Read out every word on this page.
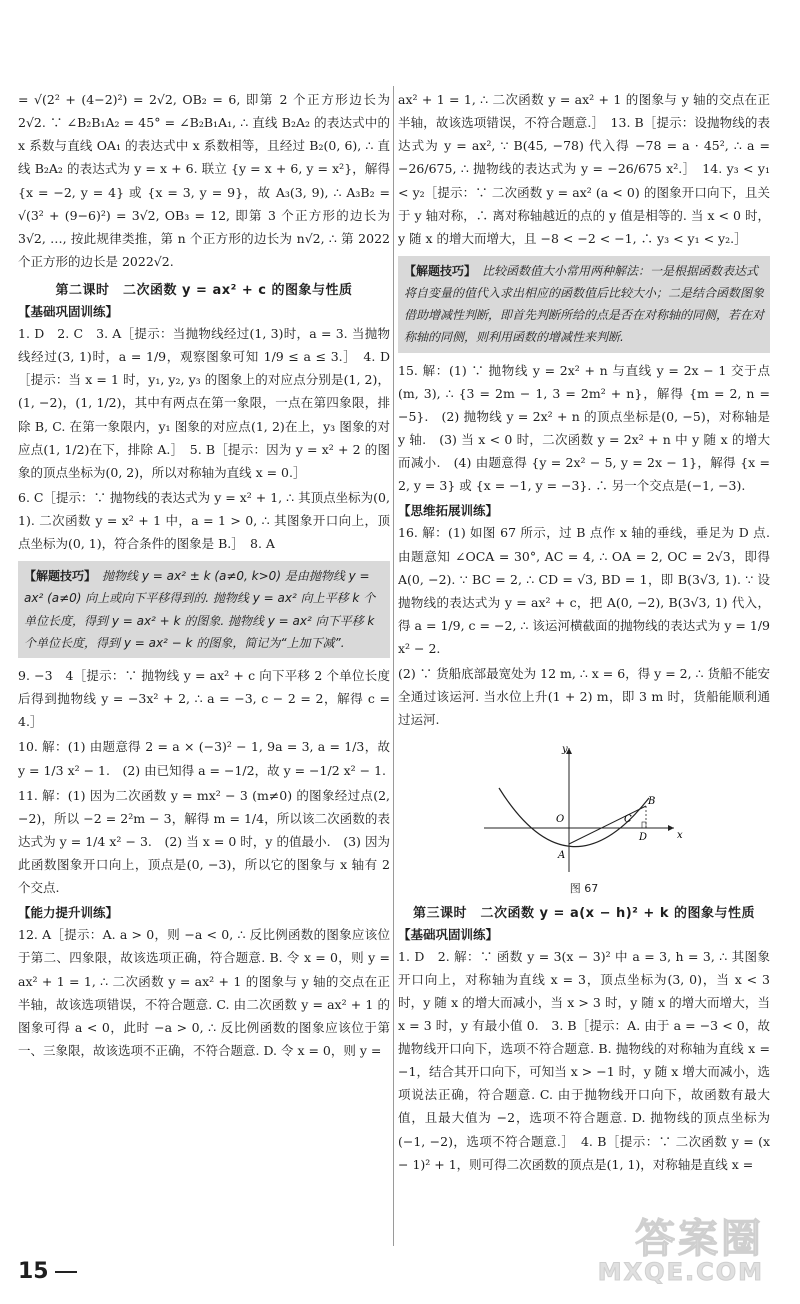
= √(2² + (4−2)²) = 2√2, OB₂ = 6, 即第 2 个正方形边长为 2√2. ∵ ∠B₂B₁A₂ = 45° = ∠B₂B₁A₁, ∴ 直线 B₂A₂ 的表达式中的 x 系数与直线 OA₁ 的表达式中 x 系数相等，且经过 B₂(0, 6), ∴ 直线 B₂A₂ 的表达式为 y = x + 6. 联立 {y = x + 6, y = x²}，解得 {x = −2, y = 4} 或 {x = 3, y = 9}，故 A₃(3, 9), ∴ A₃B₂ = √(3² + (9−6)²) = 3√2, OB₃ = 12, 即第 3 个正方形的边长为 3√2, …, 按此规律类推，第 n 个正方形的边长为 n√2, ∴ 第 2022 个正方形的边长是 2022√2.

第二课时　二次函数 y = ax² + c 的图象与性质
【基础巩固训练】

1. D　2. C　3. A［提示：当抛物线经过(1, 3)时，a = 3. 当抛物线经过(3, 1)时，a = 1/9，观察图象可知 1/9 ≤ a ≤ 3.］　4. D［提示：当 x = 1 时，y₁, y₂, y₃ 的图象上的对应点分别是(1, 2)，(1, −2)，(1, 1/2)，其中有两点在第一象限，一点在第四象限，排除 B, C. 在第一象限内，y₁ 图象的对应点(1, 2)在上，y₃ 图象的对应点(1, 1/2)在下，排除 A.］　5. B［提示：因为 y = x² + 2 的图象的顶点坐标为(0, 2)，所以对称轴为直线 x = 0.］

6. C［提示：∵ 抛物线的表达式为 y = x² + 1, ∴ 其顶点坐标为(0, 1). 二次函数 y = x² + 1 中，a = 1 > 0, ∴ 其图象开口向上，顶点坐标为(0, 1)，符合条件的图象是 B.］　8. A

【解题技巧】 抛物线 y = ax² ± k (a≠0, k>0) 是由抛物线 y = ax² (a≠0) 向上或向下平移得到的. 抛物线 y = ax² 向上平移 k 个单位长度，得到 y = ax² + k 的图象. 抛物线 y = ax² 向下平移 k 个单位长度，得到 y = ax² − k 的图象，简记为“上加下减”.

9. −3　4［提示：∵ 抛物线 y = ax² + c 向下平移 2 个单位长度后得到抛物线 y = −3x² + 2, ∴ a = −3, c − 2 = 2，解得 c = 4.］

10. 解：(1) 由题意得 2 = a × (−3)² − 1, 9a = 3, a = 1/3，故 y = 1/3 x² − 1.　(2) 由已知得 a = −1/2，故 y = −1/2 x² − 1.

11. 解：(1) 因为二次函数 y = mx² − 3 (m≠0) 的图象经过点(2, −2)，所以 −2 = 2²m − 3，解得 m = 1/4，所以该二次函数的表达式为 y = 1/4 x² − 3.　(2) 当 x = 0 时，y 的值最小.　(3) 因为此函数图象开口向上，顶点是(0, −3)，所以它的图象与 x 轴有 2 个交点.

【能力提升训练】

12. A［提示：A. a > 0，则 −a < 0, ∴ 反比例函数的图象应该位于第二、四象限，故该选项正确，符合题意. B. 令 x = 0，则 y = ax² + 1 = 1, ∴ 二次函数 y = ax² + 1 的图象与 y 轴的交点在正半轴，故该选项错误，不符合题意. C. 由二次函数 y = ax² + 1 的图象可得 a < 0，此时 −a > 0, ∴ 反比例函数的图象应该位于第一、三象限，故该选项不正确，不符合题意. D. 令 x = 0，则 y =

ax² + 1 = 1, ∴ 二次函数 y = ax² + 1 的图象与 y 轴的交点在正半轴，故该选项错误，不符合题意.］　13. B［提示：设抛物线的表达式为 y = ax², ∵ B(45, −78) 代入得 −78 = a · 45², ∴ a = −26/675, ∴ 抛物线的表达式为 y = −26/675 x².］　14. y₃ < y₁ < y₂［提示：∵ 二次函数 y = ax² (a < 0) 的图象开口向下，且关于 y 轴对称，∴ 离对称轴越近的点的 y 值是相等的. 当 x < 0 时，y 随 x 的增大而增大，且 −8 < −2 < −1, ∴ y₃ < y₁ < y₂.］

【解题技巧】 比较函数值大小常用两种解法：一是根据函数表达式将自变量的值代入求出相应的函数值后比较大小；二是结合函数图象借助增减性判断，即首先判断所给的点是否在对称轴的同侧，若在对称轴的同侧，则利用函数的增减性来判断.

15. 解：(1) ∵ 抛物线 y = 2x² + n 与直线 y = 2x − 1 交于点(m, 3), ∴ {3 = 2m − 1, 3 = 2m² + n}，解得 {m = 2, n = −5}.　(2) 抛物线 y = 2x² + n 的顶点坐标是(0, −5)，对称轴是 y 轴.　(3) 当 x < 0 时，二次函数 y = 2x² + n 中 y 随 x 的增大而减小.　(4) 由题意得 {y = 2x² − 5, y = 2x − 1}，解得 {x = 2, y = 3} 或 {x = −1, y = −3}. ∴ 另一个交点是(−1, −3).

【思维拓展训练】

16. 解：(1) 如图 67 所示，过 B 点作 x 轴的垂线，垂足为 D 点. 由题意知 ∠OCA = 30°, AC = 4, ∴ OA = 2, OC = 2√3，即得 A(0, −2). ∵ BC = 2, ∴ CD = √3, BD = 1，即 B(3√3, 1). ∵ 设抛物线的表达式为 y = ax² + c，把 A(0, −2), B(3√3, 1) 代入，得 a = 1/9, c = −2, ∴ 该运河横截面的抛物线的表达式为 y = 1/9 x² − 2.

(2) ∵ 货船底部最宽处为 12 m, ∴ x = 6，得 y = 2, ∴ 货船不能安全通过该运河. 当水位上升(1 + 2) m，即 3 m 时，货船能顺利通过运河.

y
x
O
A
B
C
D
图 67
第三课时　二次函数 y = a(x − h)² + k 的图象与性质
【基础巩固训练】

1. D　2. 解：∵ 函数 y = 3(x − 3)² 中 a = 3, h = 3, ∴ 其图象开口向上，对称轴为直线 x = 3，顶点坐标为(3, 0)，当 x < 3 时，y 随 x 的增大而减小，当 x > 3 时，y 随 x 的增大而增大，当 x = 3 时，y 有最小值 0.　3. B［提示：A. 由于 a = −3 < 0，故抛物线开口向下，选项不符合题意. B. 抛物线的对称轴为直线 x = −1，结合其开口向下，可知当 x > −1 时，y 随 x 增大而减小，选项说法正确，符合题意. C. 由于抛物线开口向下，故函数有最大值，且最大值为 −2，选项不符合题意. D. 抛物线的顶点坐标为(−1, −2)，选项不符合题意.］　4. B［提示：∵ 二次函数 y = (x − 1)² + 1，则可得二次函数的顶点是(1, 1)，对称轴是直线 x =

15
答案圈
MXQE.COM
